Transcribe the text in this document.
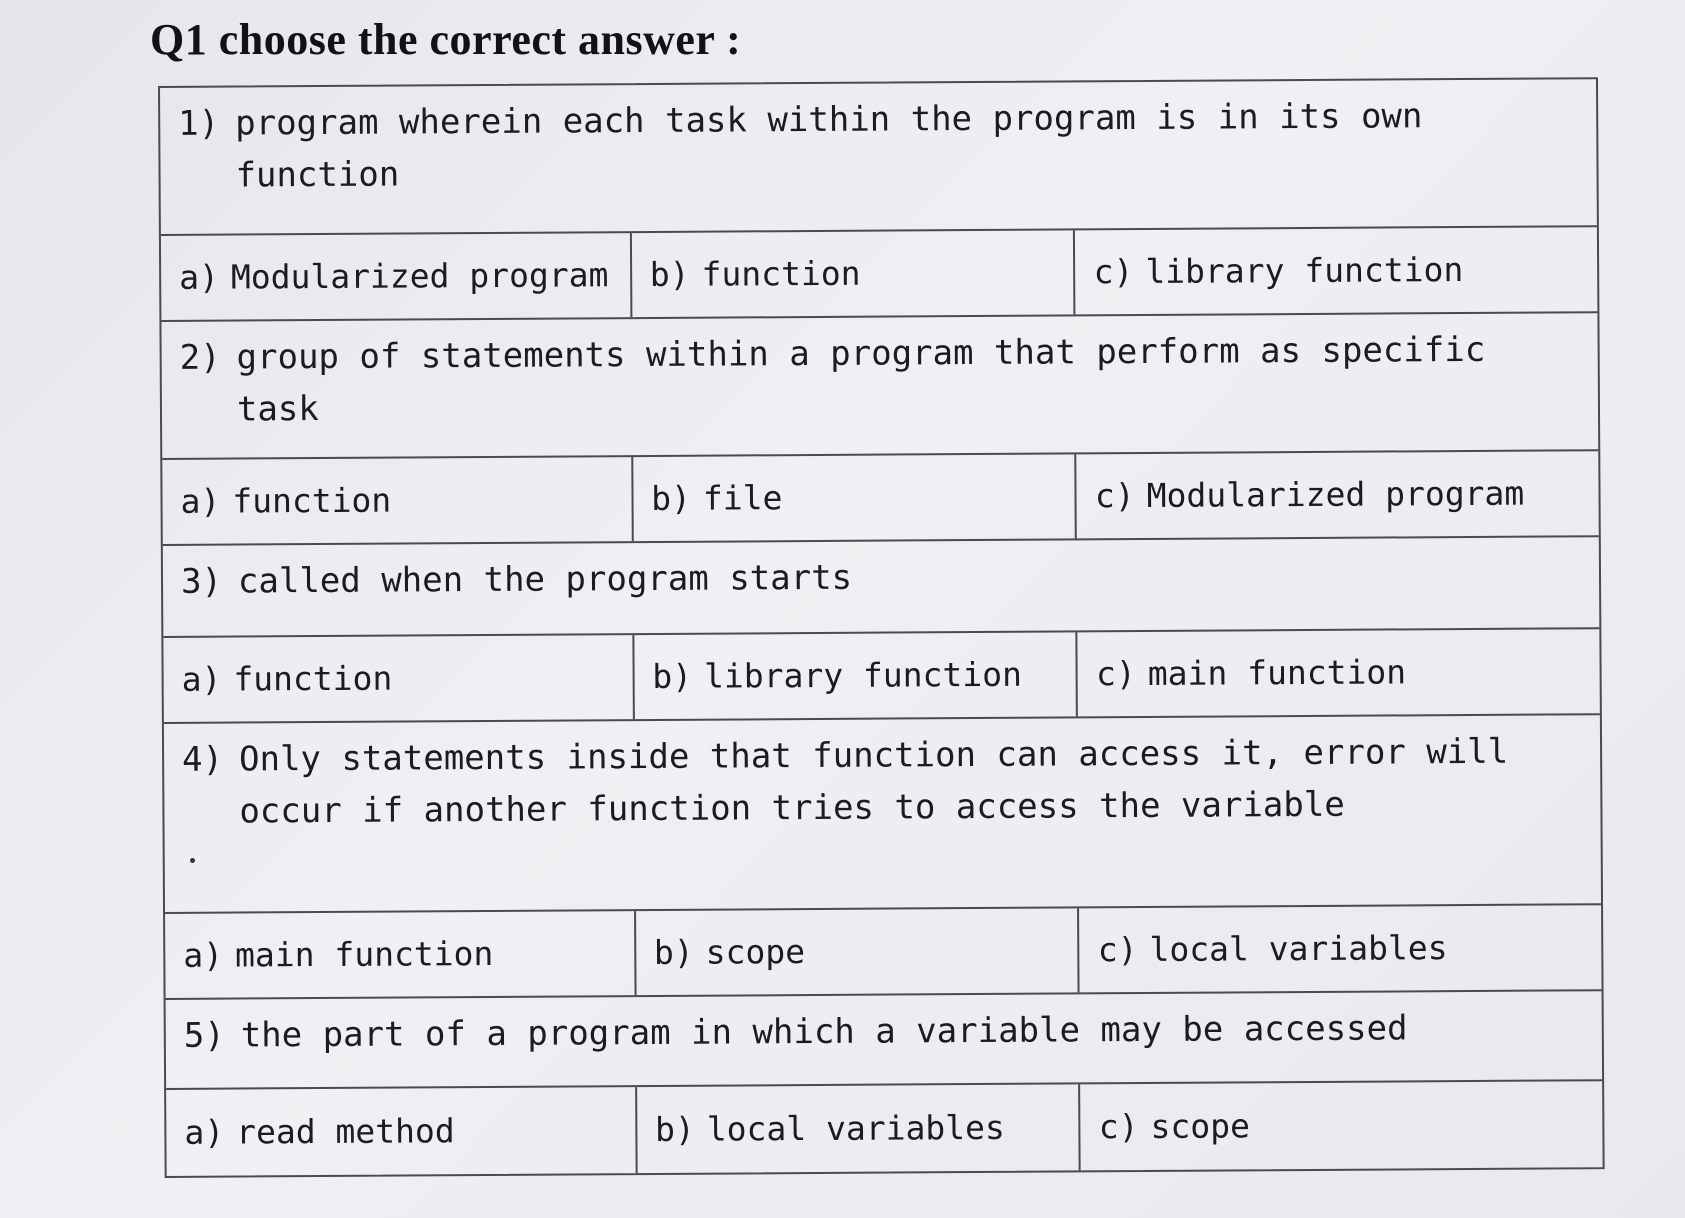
Q1 choose the correct answer :
1) program wherein each task within the program is in its own function
a) Modularized program b) function	c) library function
2) group of statements within a program that perform as specific task
a) function	b) file	c) Modularized program
3) called when the program starts
a) function	b) library function c) main function
4) Only statements inside that function can access it, error will occur if another function tries to access the variable
a) main function	b) scope	c) local variables
5) the part of a program in which a variable may be accessed
a) read method	b) local variables	c) scope
